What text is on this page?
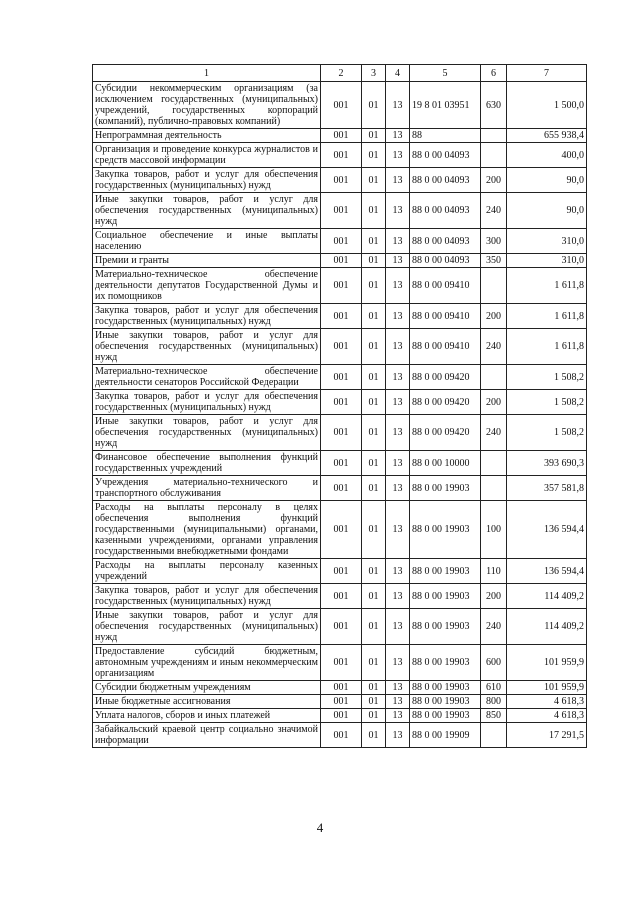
1	2	3	4	5	6	7
Субсидии некоммерческим организациям (за исключением государственных (муниципальных) учреждений, государственных корпораций (компаний), публично-правовых компаний)	001	01	13	19 8 01 03951	630	1 500,0
Непрограммная деятельность	001	01	13	88		655 938,4
Организация и проведение конкурса журналистов и средств массовой информации	001	01	13	88 0 00 04093		400,0
Закупка товаров, работ и услуг для обеспечения государственных (муниципальных) нужд	001	01	13	88 0 00 04093	200	90,0
Иные закупки товаров, работ и услуг для обеспечения государственных (муниципальных) нужд	001	01	13	88 0 00 04093	240	90,0
Социальное обеспечение и иные выплаты населению	001	01	13	88 0 00 04093	300	310,0
Премии и гранты	001	01	13	88 0 00 04093	350	310,0
Материально-техническое обеспечение деятельности депутатов Государственной Думы и их помощников	001	01	13	88 0 00 09410		1 611,8
Закупка товаров, работ и услуг для обеспечения государственных (муниципальных) нужд	001	01	13	88 0 00 09410	200	1 611,8
Иные закупки товаров, работ и услуг для обеспечения государственных (муниципальных) нужд	001	01	13	88 0 00 09410	240	1 611,8
Материально-техническое обеспечение деятельности сенаторов Российской Федерации	001	01	13	88 0 00 09420		1 508,2
Закупка товаров, работ и услуг для обеспечения государственных (муниципальных) нужд	001	01	13	88 0 00 09420	200	1 508,2
Иные закупки товаров, работ и услуг для обеспечения государственных (муниципальных) нужд	001	01	13	88 0 00 09420	240	1 508,2
Финансовое обеспечение выполнения функций государственных учреждений	001	01	13	88 0 00 10000		393 690,3
Учреждения материально-технического и транспортного обслуживания	001	01	13	88 0 00 19903		357 581,8
Расходы на выплаты персоналу в целях обеспечения выполнения функций государственными (муниципальными) органами, казенными учреждениями, органами управления государственными внебюджетными фондами	001	01	13	88 0 00 19903	100	136 594,4
Расходы на выплаты персоналу казенных учреждений	001	01	13	88 0 00 19903	110	136 594,4
Закупка товаров, работ и услуг для обеспечения государственных (муниципальных) нужд	001	01	13	88 0 00 19903	200	114 409,2
Иные закупки товаров, работ и услуг для обеспечения государственных (муниципальных) нужд	001	01	13	88 0 00 19903	240	114 409,2
Предоставление субсидий бюджетным, автономным учреждениям и иным некоммерческим организациям	001	01	13	88 0 00 19903	600	101 959,9
Субсидии бюджетным учреждениям	001	01	13	88 0 00 19903	610	101 959,9
Иные бюджетные ассигнования	001	01	13	88 0 00 19903	800	4 618,3
Уплата налогов, сборов и иных платежей	001	01	13	88 0 00 19903	850	4 618,3
Забайкальский краевой центр социально значимой информации	001	01	13	88 0 00 19909		17 291,5
4
